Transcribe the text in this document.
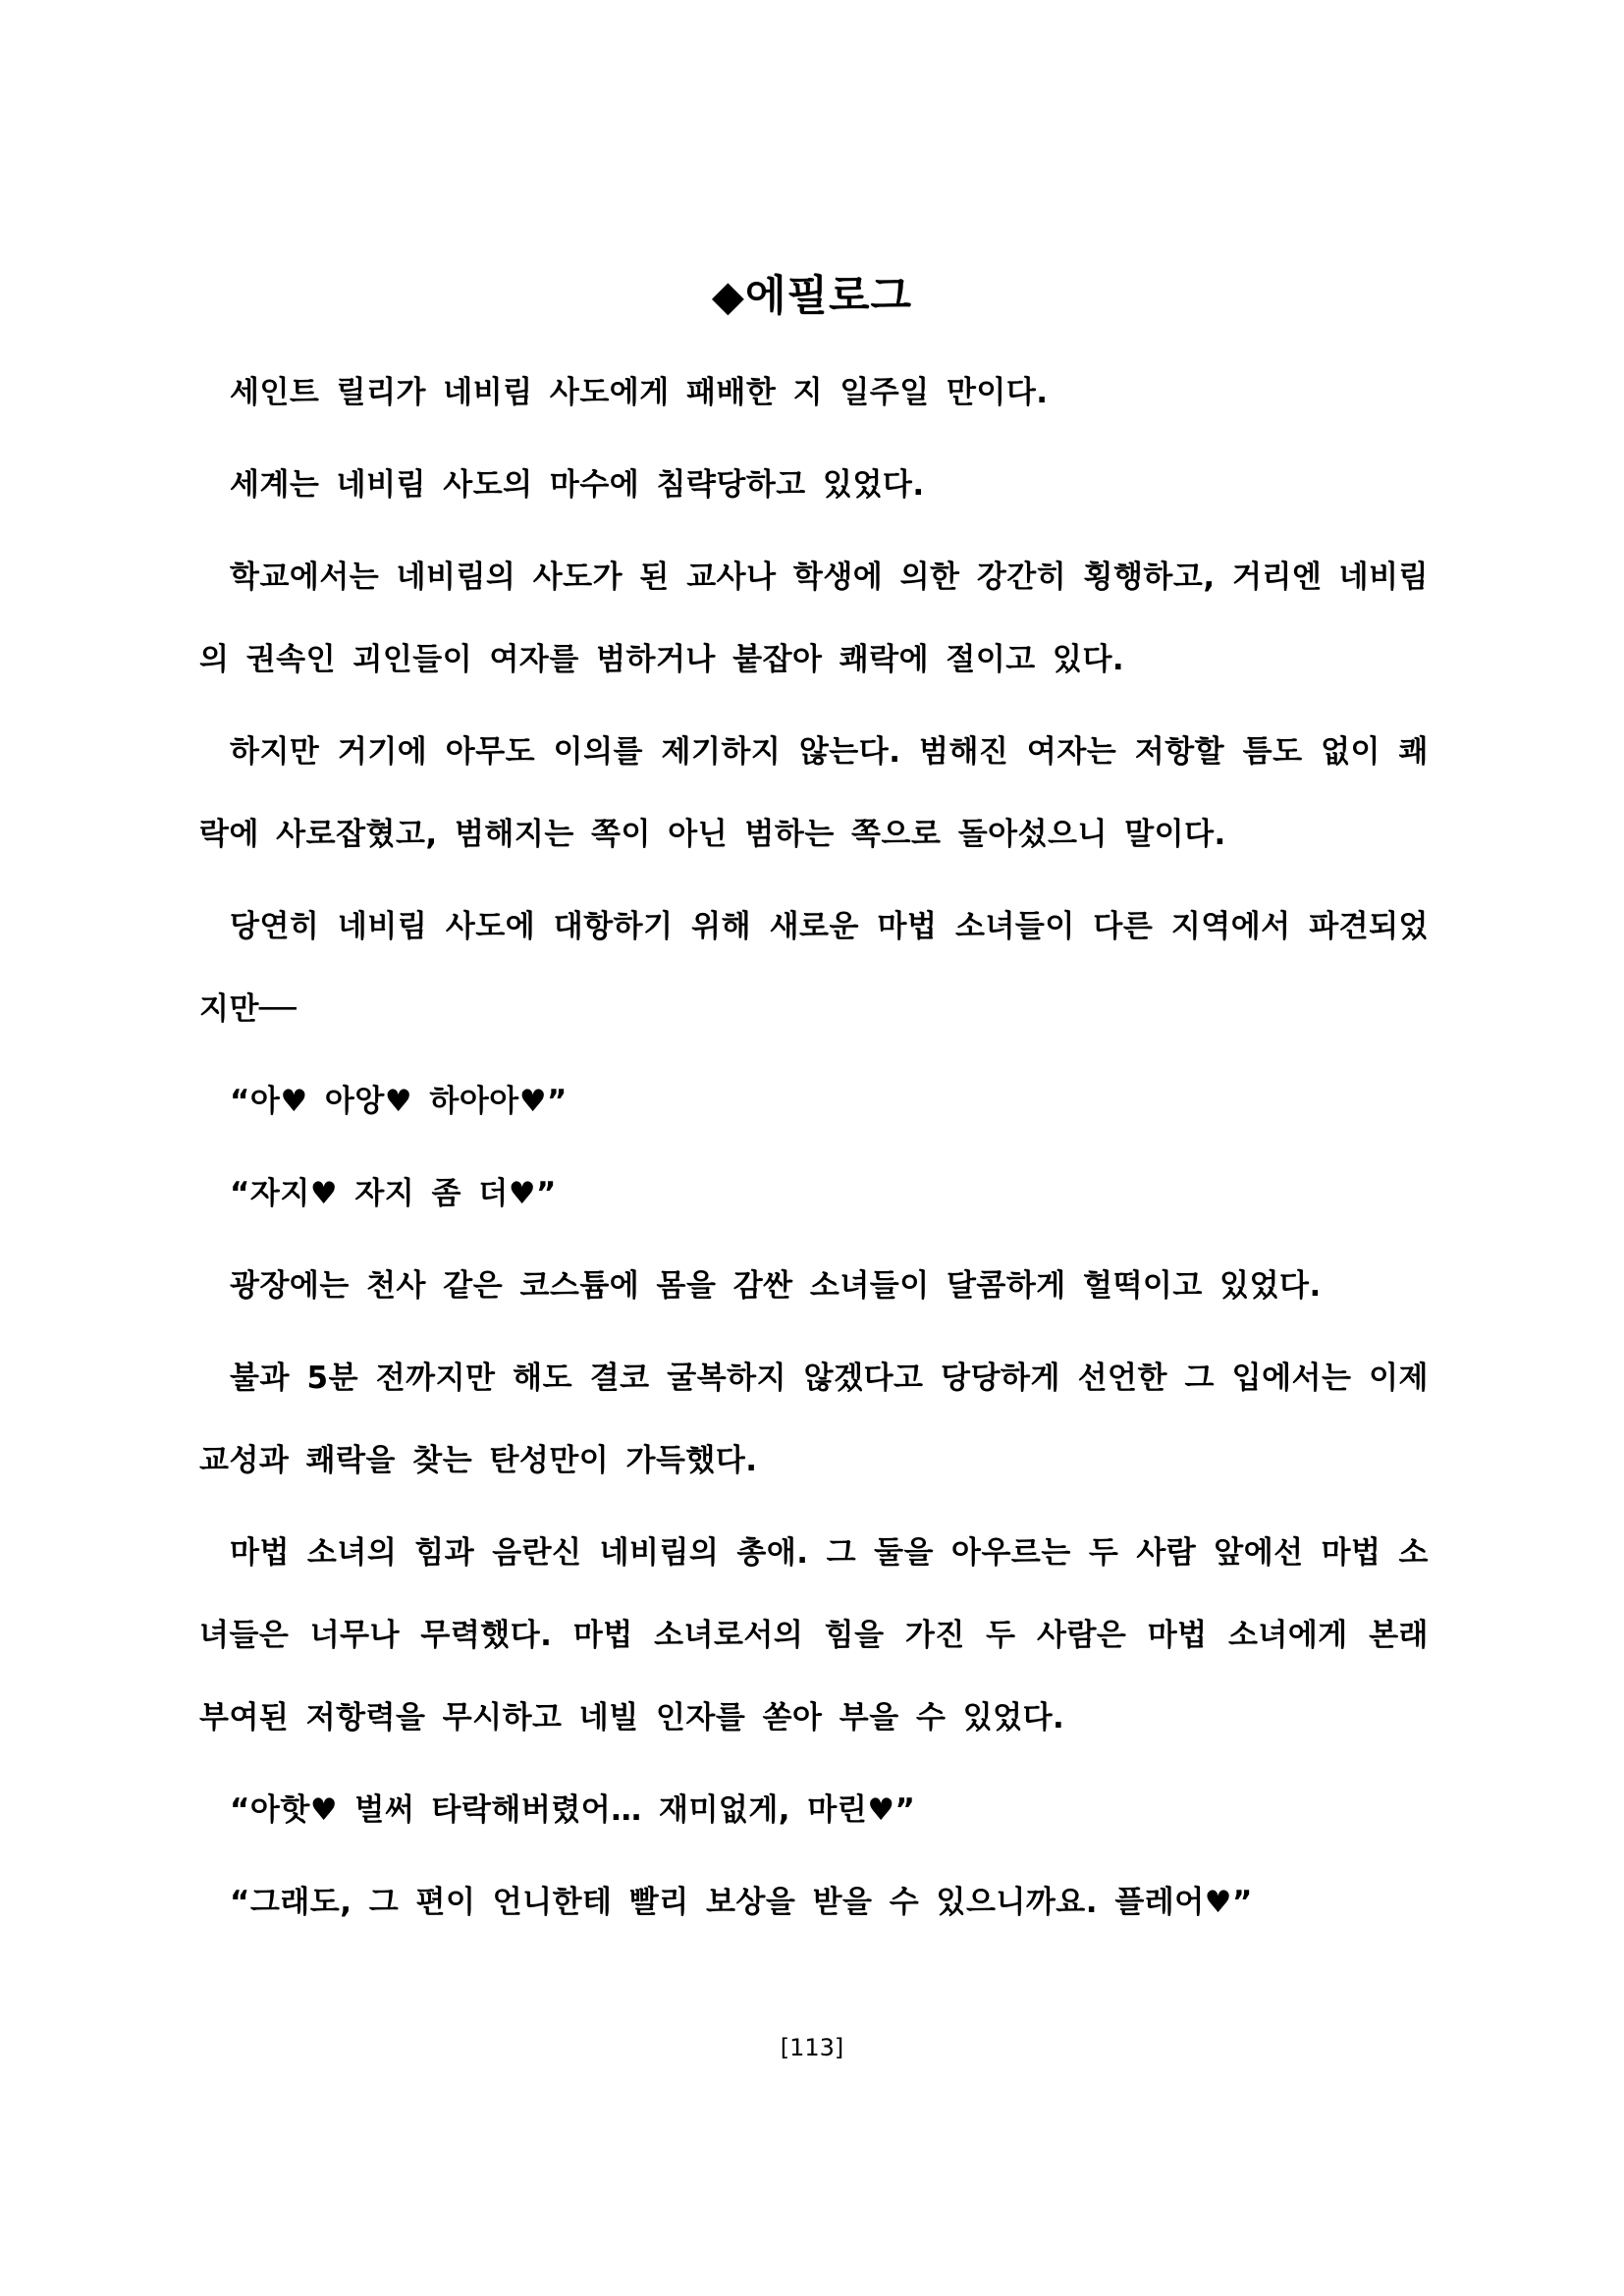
◆에필로그

세인트 릴리가 네비림 사도에게 패배한 지 일주일 만이다.

세계는 네비림 사도의 마수에 침략당하고 있었다.

학교에서는 네비림의 사도가 된 교사나 학생에 의한 강간히 횡행하고, 거리엔 네비림의 권속인 괴인들이 여자를 범하거나 붙잡아 쾌락에 절이고 있다.

하지만 거기에 아무도 이의를 제기하지 않는다. 범해진 여자는 저항할 틈도 없이 쾌락에 사로잡혔고, 범해지는 쪽이 아닌 범하는 쪽으로 돌아섰으니 말이다.

당연히 네비림 사도에 대항하기 위해 새로운 마법 소녀들이 다른 지역에서 파견되었지만──

“아♥ 아앙♥ 하아아♥”

“자지♥ 자지 좀 더♥”

광장에는 천사 같은 코스튬에 몸을 감싼 소녀들이 달콤하게 헐떡이고 있었다.

불과 5분 전까지만 해도 결코 굴복하지 않겠다고 당당하게 선언한 그 입에서는 이제 교성과 쾌락을 찾는 탄성만이 가득했다.

마법 소녀의 힘과 음란신 네비림의 총애. 그 둘을 아우르는 두 사람 앞에선 마법 소녀들은 너무나 무력했다. 마법 소녀로서의 힘을 가진 두 사람은 마법 소녀에게 본래 부여된 저항력을 무시하고 네빌 인자를 쏟아 부을 수 있었다.

“아핫♥ 벌써 타락해버렸어… 재미없게, 마린♥”

“그래도, 그 편이 언니한테 빨리 보상을 받을 수 있으니까요. 플레어♥”

[113]
